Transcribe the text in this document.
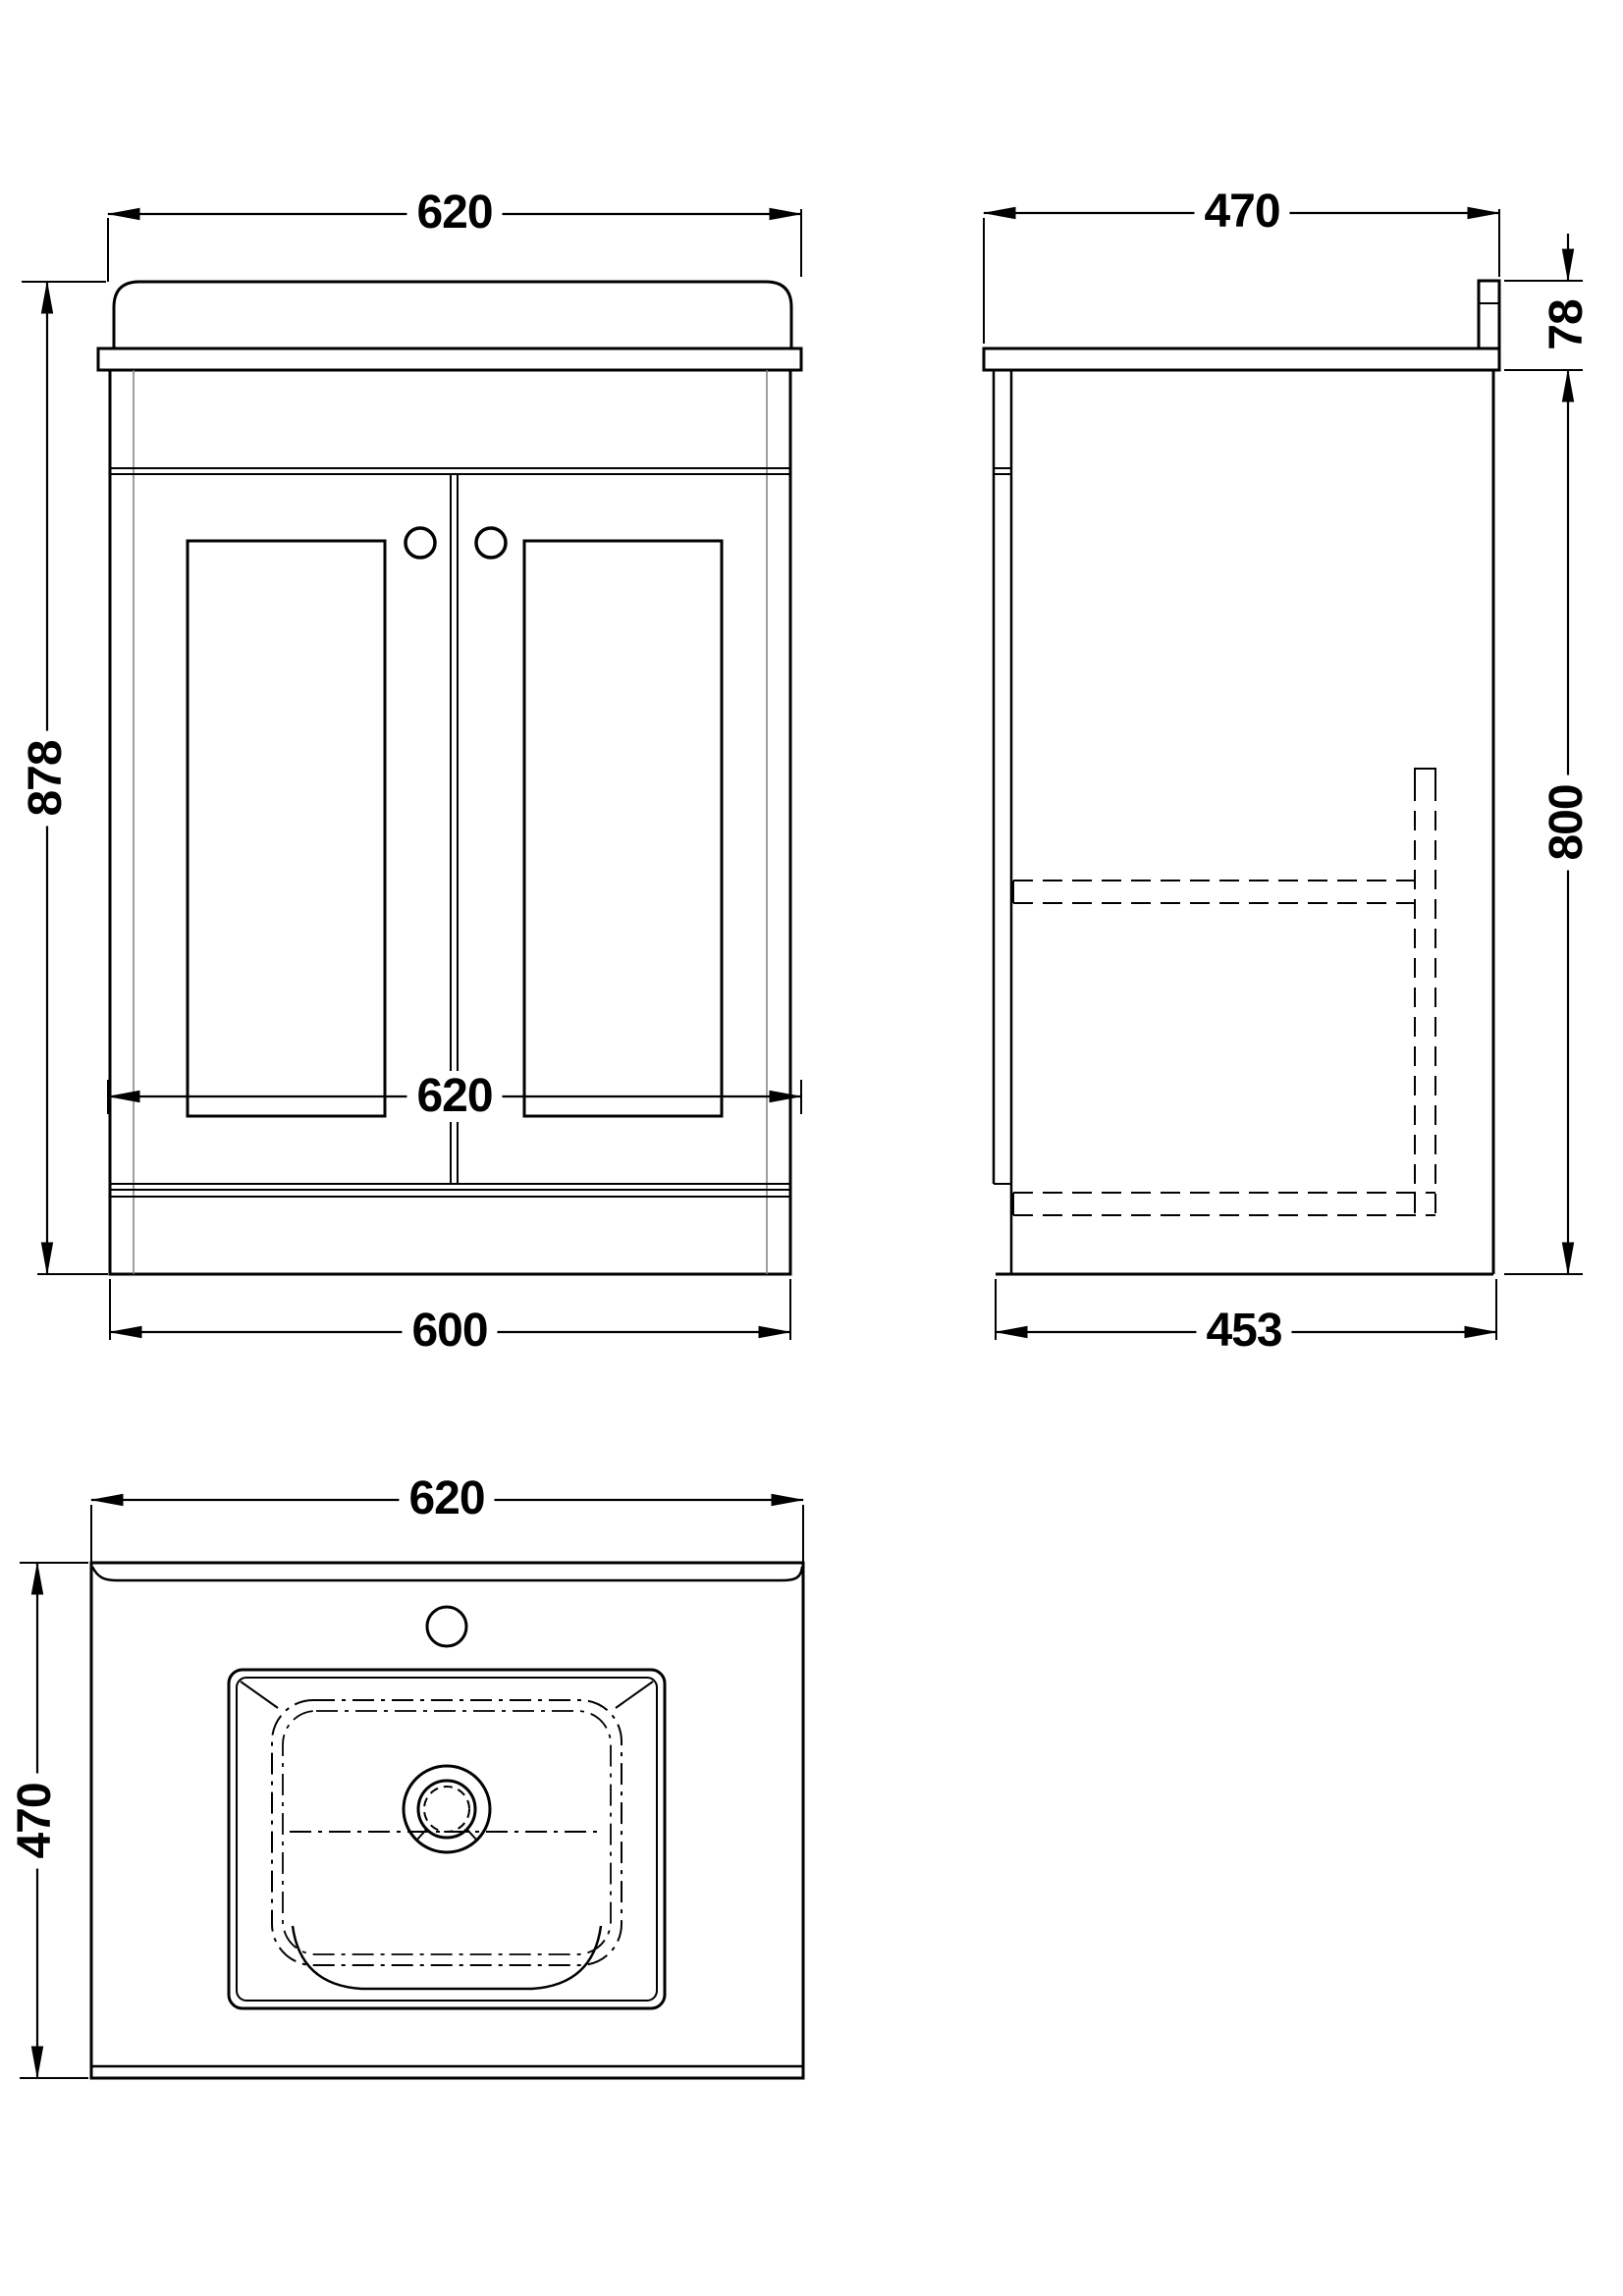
620
878
620
600
470
78
800
453
620
470
